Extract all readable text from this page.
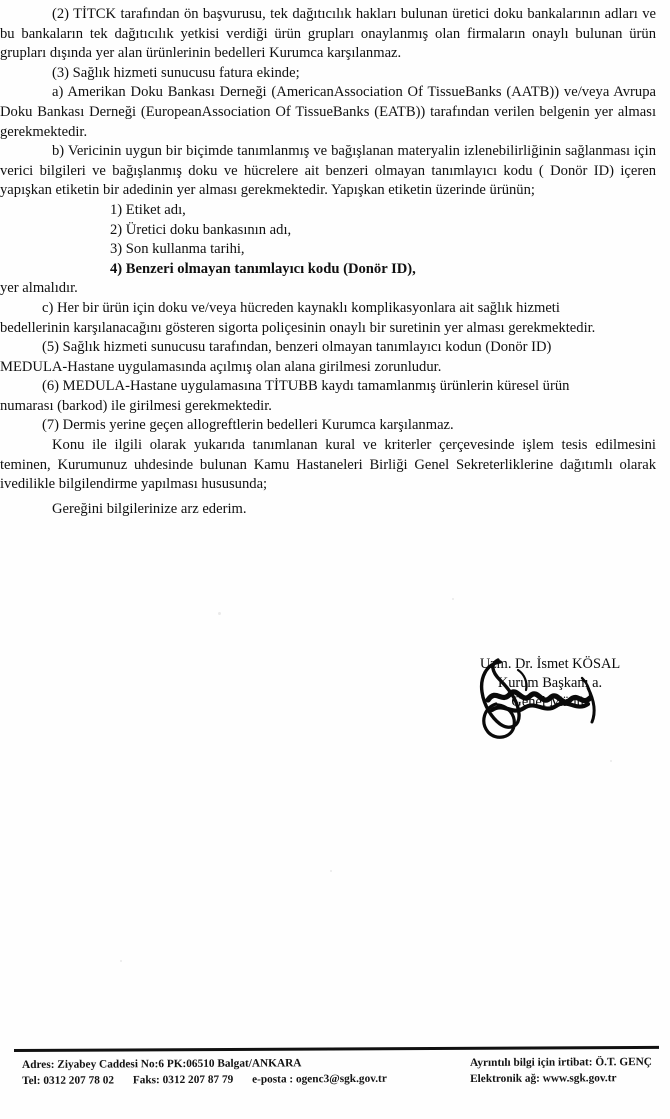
(2) TİTCK tarafından ön başvurusu, tek dağıtıcılık hakları bulunan üretici doku bankalarının adları ve bu bankaların tek dağıtıcılık yetkisi verdiği ürün grupları onaylanmış olan firmaların onaylı bulunan ürün grupları dışında yer alan ürünlerinin bedelleri Kurumca karşılanmaz.

(3) Sağlık hizmeti sunucusu fatura ekinde;

a) Amerikan Doku Bankası Derneği (AmericanAssociation Of TissueBanks (AATB)) ve/veya Avrupa Doku Bankası Derneği (EuropeanAssociation Of TissueBanks (EATB)) tarafından verilen belgenin yer alması gerekmektedir.

b) Vericinin uygun bir biçimde tanımlanmış ve bağışlanan materyalin izlenebilirliğinin sağlanması için verici bilgileri ve bağışlanmış doku ve hücrelere ait benzeri olmayan tanımlayıcı kodu ( Donör ID) içeren yapışkan etiketin bir adedinin yer alması gerekmektedir. Yapışkan etiketin üzerinde ürünün;

1) Etiket adı,

2) Üretici doku bankasının adı,

3) Son kullanma tarihi,

4) Benzeri olmayan tanımlayıcı kodu (Donör ID),

yer almalıdır.

c) Her bir ürün için doku ve/veya hücreden kaynaklı komplikasyonlara ait sağlık hizmeti bedellerinin karşılanacağını gösteren sigorta poliçesinin onaylı bir suretinin yer alması gerekmektedir.

(5) Sağlık hizmeti sunucusu tarafından, benzeri olmayan tanımlayıcı kodun (Donör ID) MEDULA-Hastane uygulamasında açılmış olan alana girilmesi zorunludur.

(6) MEDULA-Hastane uygulamasına TİTUBB kaydı tamamlanmış ürünlerin küresel ürün numarası (barkod) ile girilmesi gerekmektedir.

(7) Dermis yerine geçen allogreftlerin bedelleri Kurumca karşılanmaz.

Konu ile ilgili olarak yukarıda tanımlanan kural ve kriterler çerçevesinde işlem tesis edilmesini teminen, Kurumunuz uhdesinde bulunan Kamu Hastaneleri Birliği Genel Sekreterliklerine dağıtımlı olarak ivedilikle bilgilendirme yapılması hususunda;

Gereğini bilgilerinize arz ederim.

Uzm. Dr. İsmet KÖSAL
Kurum Başkanı a.
Genel Müdür
Adres: Ziyabey Caddesi No:6 PK:06510 Balgat/ANKARA
Tel: 0312 207 78 02 Faks: 0312 207 87 79 e-posta : ogenc3@sgk.gov.tr
Ayrıntılı bilgi için irtibat: Ö.T. GENÇ
Elektronik ağ: www.sgk.gov.tr
